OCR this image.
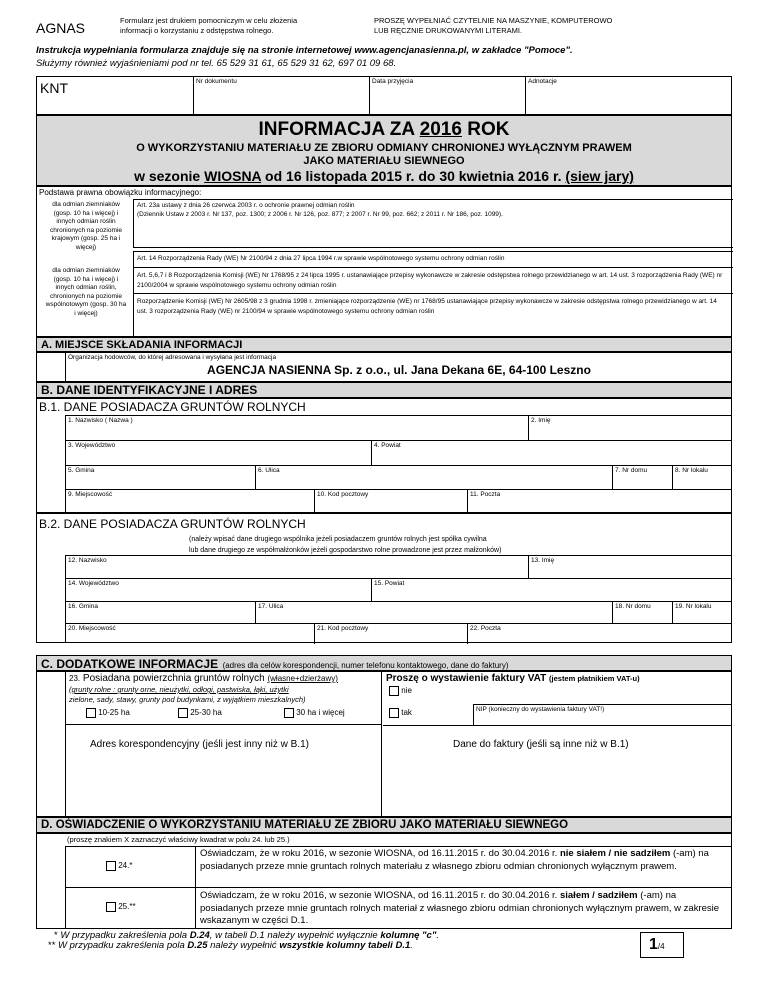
AGNAS	Formularz jest drukiem pomocniczym w celu złożenia
informacji o korzystaniu z odstępstwa rolnego.
PROSZĘ WYPEŁNIAĆ CZYTELNIE NA MASZYNIE, KOMPUTEROWO
LUB RĘCZNIE DRUKOWANYMI LITERAMI.
Instrukcja wypełniania formularza znajduje się na stronie internetowej www.agencjanasienna.pl, w zakładce "Pomoce".
Służymy również wyjaśnieniami pod nr tel. 65 529 31 61, 65 529 31 62, 697 01 09 68.
KNT	Nr dokumentu	Data przyjęcia	Adnotacje
INFORMACJA ZA 2016 ROK
O WYKORZYSTANIU MATERIAŁU ZE ZBIORU ODMIANY CHRONIONEJ WYŁĄCZNYM PRAWEM
JAKO MATERIAŁU SIEWNEGO
w sezonie WIOSNA od 16 listopada 2015 r. do 30 kwietnia 2016 r. (siew jary)
Podstawa prawna obowiązku informacyjnego:
dla odmian ziemniaków (gosp. 10 ha i więcej) i innych odmian roślin chronionych na poziomie krajowym (gosp. 25 ha i więcej)
Art. 23a ustawy z dnia 26 czerwca 2003 r. o ochronie prawnej odmian roślin
(Dziennik Ustaw z 2003 r. Nr 137, poz. 1300; z 2006 r. Nr 126, poz. 877; z 2007 r. Nr 99, poz. 662; z 2011 r. Nr 186, poz. 1099).
dla odmian ziemniaków (gosp. 10 ha i więcej) i innych odmian roślin, chronionych na poziomie wspólnotowym (gosp. 30 ha i więcej)
Art. 14 Rozporządzenia Rady (WE) Nr 2100/94 z dnia 27 lipca 1994 r.w sprawie wspólnotowego systemu ochrony odmian roślin
Art. 5,6,7 i 8 Rozporządzenia Komisji (WE) Nr 1768/95 z 24 lipca 1995 r. ustanawiające przepisy wykonawcze w zakresie odstępstwa rolnego przewidzianego w art. 14 ust. 3 rozporządzenia Rady (WE) nr 2100/2004 w sprawie wspólnotowego systemu ochrony odmian roślin
Rozporządzenie Komisji (WE) Nr 2605/98 z 3 grudnia 1998 r. zmieniające rozporządzenie (WE) nr 1768/95 ustanawiające przepisy wykonawcze w zakresie odstępstwa rolnego przewidzianego w art. 14 ust. 3 rozporządzenia Rady (WE) nr 2100/94 w sprawie wspólnotowego systemu ochrony odmian roślin
A. MIEJSCE SKŁADANIA INFORMACJI
Organizacja hodowców, do której adresowana i wysyłana jest informacja
AGENCJA NASIENNA Sp. z o.o., ul. Jana Dekana 6E, 64-100 Leszno
B. DANE IDENTYFIKACYJNE I ADRES
B.1. DANE POSIADACZA GRUNTÓW ROLNYCH
1. Nazwisko ( Nazwa )	2. Imię
3. Województwo	4. Powiat
5. Gmina	6. Ulica	7. Nr domu	8. Nr lokalu
9. Miejscowość	10. Kod pocztowy	11. Poczta
B.2. DANE POSIADACZA GRUNTÓW ROLNYCH
(należy wpisać dane drugiego wspólnika jeżeli posiadaczem gruntów rolnych jest spółka cywilna
lub dane drugiego ze współmałżonków jeżeli gospodarstwo rolne prowadzone jest przez małżonków)
12. Nazwisko	13. Imię
14. Województwo	15. Powiat
16. Gmina	17. Ulica	18. Nr domu	19. Nr lokalu
20. Miejscowość	21. Kod pocztowy	22. Poczta
C. DODATKOWE INFORMACJE (adres dla celów korespondencji, numer telefonu kontaktowego, dane do faktury)
23. Posiadana powierzchnia gruntów rolnych (własne+dzierżawy)
(grunty rolne : grunty orne, nieużytki, odłogi, pastwiska, łąki, użytki
zielone, sady, stawy, grunty pod budynkami, z wyjątkiem mieszkalnych)
10-25 ha	25-30 ha	30 ha i więcej
Adres korespondencyjny (jeśli jest inny niż w B.1)
Proszę o wystawienie faktury VAT (jestem płatnikiem VAT-u)
nie
tak	NIP (konieczny do wystawienia faktury VAT!)
Dane do faktury (jeśli są inne niż w B.1)
D. OŚWIADCZENIE O WYKORZYSTANIU MATERIAŁU ZE ZBIORU JAKO MATERIAŁU SIEWNEGO
(proszę znakiem X zaznaczyć właściwy kwadrat w polu 24. lub 25.)
24.*
Oświadczam, że w roku 2016, w sezonie WIOSNA, od 16.11.2015 r. do 30.04.2016 r. nie siałem / nie sadziłem (-am) na posiadanych przeze mnie gruntach rolnych materiału z własnego zbioru odmian chronionych wyłącznym prawem.
25.**
Oświadczam, że w roku 2016, w sezonie WIOSNA, od 16.11.2015 r. do 30.04.2016 r. siałem / sadziłem (-am) na posiadanych przeze mnie gruntach rolnych materiał z własnego zbioru odmian chronionych wyłącznym prawem, w zakresie wskazanym w części D.1.
* W przypadku zakreślenia pola D.24, w tabeli D.1 należy wypełnić wyłącznie kolumnę "c".
** W przypadku zakreślenia pola D.25 należy wypełnić wszystkie kolumny tabeli D.1.	1/4
